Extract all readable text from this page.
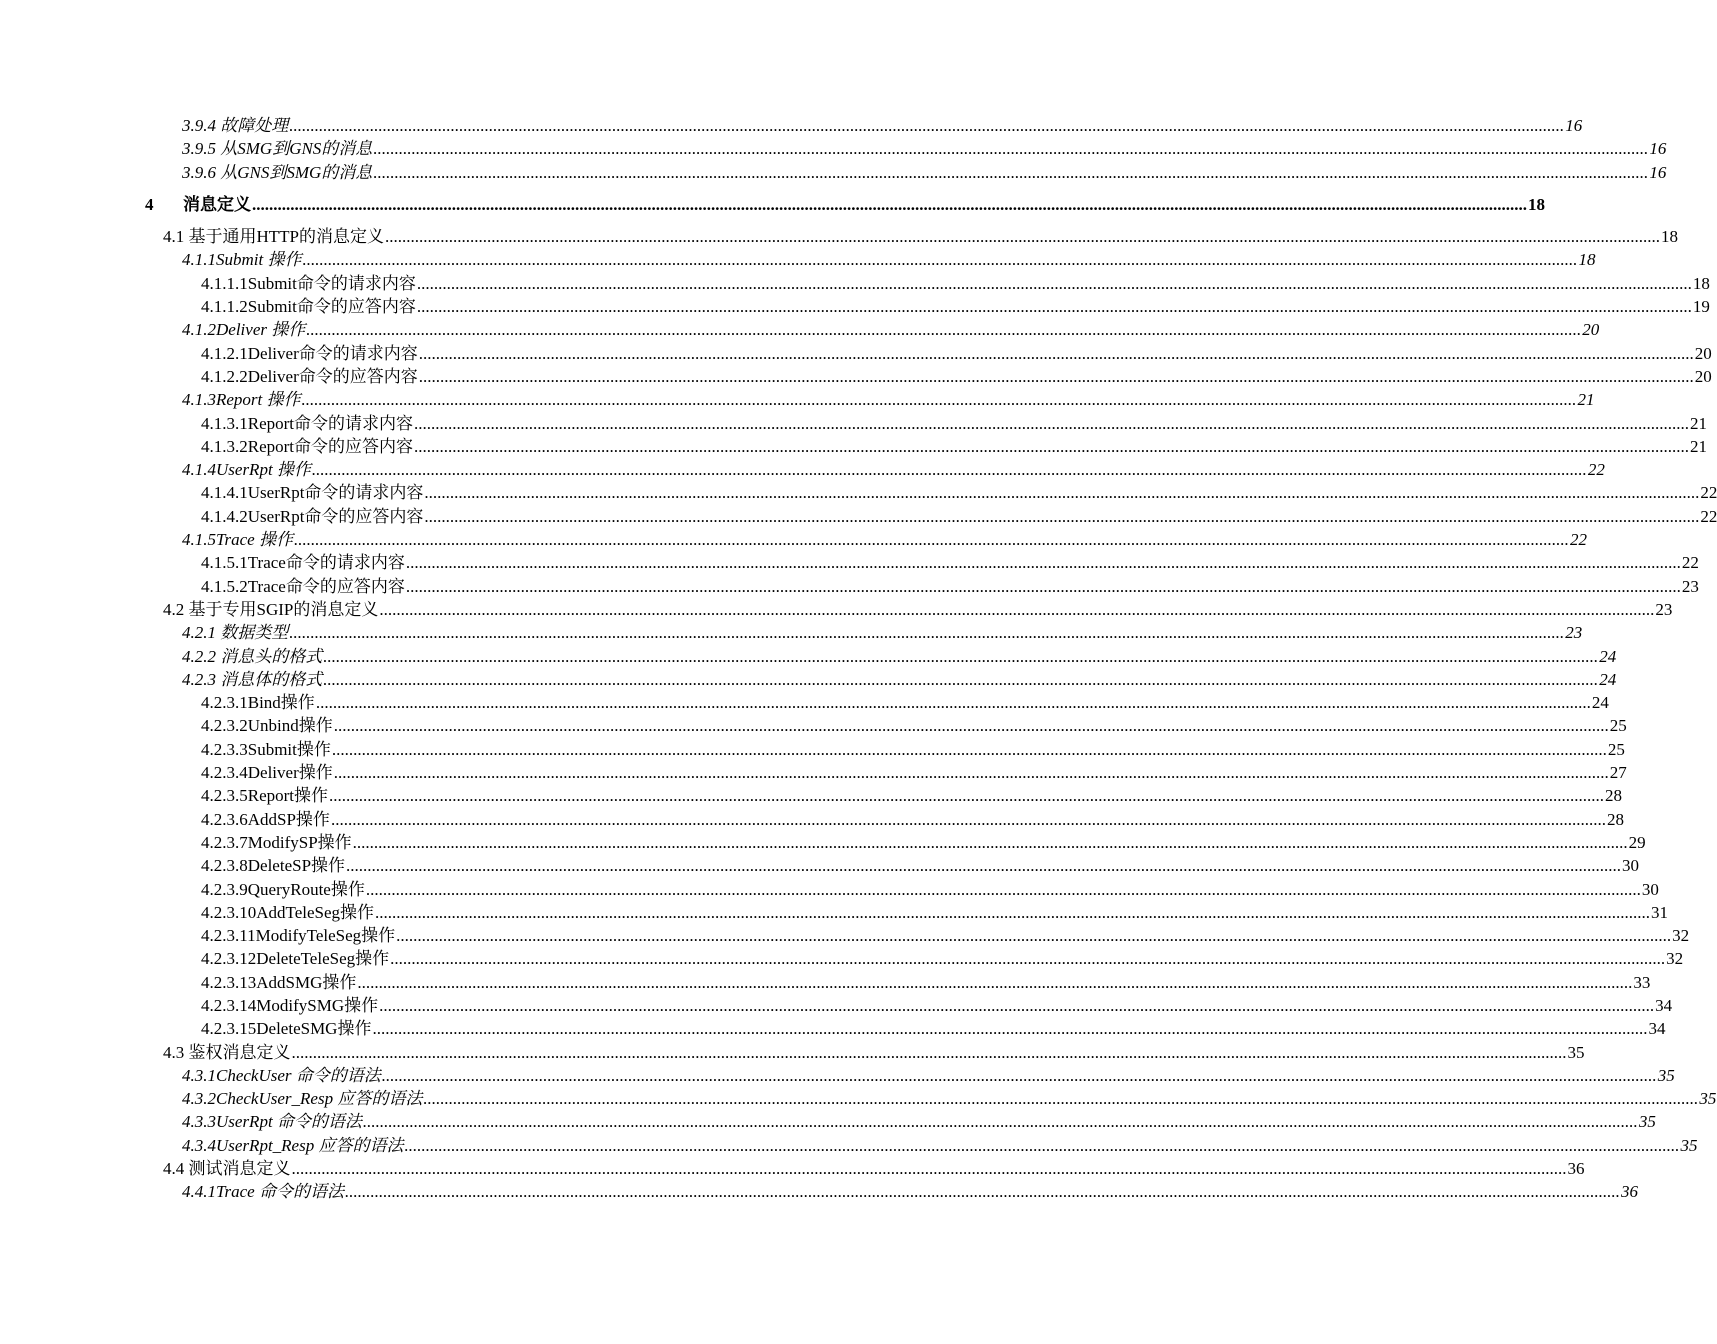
3.9.4 故障处理 ............................................................................................................................................................................................................................................................................................................ 16
3.9.5 从SMG到GNS的消息 ............................................................................................................................................................................................................................................................................................................ 16
3.9.6 从GNS到SMG的消息 ............................................................................................................................................................................................................................................................................................................ 16
4 消息定义 ............................................................................................................................................................................................................................................................................................................ 18
4.1 基于通用HTTP的消息定义 ............................................................................................................................................................................................................................................................................................................ 18
4.1.1Submit 操作 ............................................................................................................................................................................................................................................................................................................ 18
4.1.1.1Submit命令的请求内容 ............................................................................................................................................................................................................................................................................................................ 18
4.1.1.2Submit命令的应答内容 ............................................................................................................................................................................................................................................................................................................ 19
4.1.2Deliver 操作 ............................................................................................................................................................................................................................................................................................................ 20
4.1.2.1Deliver命令的请求内容 ............................................................................................................................................................................................................................................................................................................ 20
4.1.2.2Deliver命令的应答内容 ............................................................................................................................................................................................................................................................................................................ 20
4.1.3Report 操作 ............................................................................................................................................................................................................................................................................................................ 21
4.1.3.1Report命令的请求内容 ............................................................................................................................................................................................................................................................................................................ 21
4.1.3.2Report命令的应答内容 ............................................................................................................................................................................................................................................................................................................ 21
4.1.4UserRpt 操作 ............................................................................................................................................................................................................................................................................................................ 22
4.1.4.1UserRpt命令的请求内容 ............................................................................................................................................................................................................................................................................................................ 22
4.1.4.2UserRpt命令的应答内容 ............................................................................................................................................................................................................................................................................................................ 22
4.1.5Trace 操作 ............................................................................................................................................................................................................................................................................................................ 22
4.1.5.1Trace命令的请求内容 ............................................................................................................................................................................................................................................................................................................ 22
4.1.5.2Trace命令的应答内容 ............................................................................................................................................................................................................................................................................................................ 23
4.2 基于专用SGIP的消息定义 ............................................................................................................................................................................................................................................................................................................ 23
4.2.1 数据类型 ............................................................................................................................................................................................................................................................................................................ 23
4.2.2 消息头的格式 ............................................................................................................................................................................................................................................................................................................ 24
4.2.3 消息体的格式 ............................................................................................................................................................................................................................................................................................................ 24
4.2.3.1Bind操作 ............................................................................................................................................................................................................................................................................................................ 24
4.2.3.2Unbind操作 ............................................................................................................................................................................................................................................................................................................ 25
4.2.3.3Submit操作 ............................................................................................................................................................................................................................................................................................................ 25
4.2.3.4Deliver操作 ............................................................................................................................................................................................................................................................................................................ 27
4.2.3.5Report操作 ............................................................................................................................................................................................................................................................................................................ 28
4.2.3.6AddSP操作 ............................................................................................................................................................................................................................................................................................................ 28
4.2.3.7ModifySP操作 ............................................................................................................................................................................................................................................................................................................ 29
4.2.3.8DeleteSP操作 ............................................................................................................................................................................................................................................................................................................ 30
4.2.3.9QueryRoute操作 ............................................................................................................................................................................................................................................................................................................ 30
4.2.3.10AddTeleSeg操作 ............................................................................................................................................................................................................................................................................................................ 31
4.2.3.11ModifyTeleSeg操作 ............................................................................................................................................................................................................................................................................................................ 32
4.2.3.12DeleteTeleSeg操作 ............................................................................................................................................................................................................................................................................................................ 32
4.2.3.13AddSMG操作 ............................................................................................................................................................................................................................................................................................................ 33
4.2.3.14ModifySMG操作 ............................................................................................................................................................................................................................................................................................................ 34
4.2.3.15DeleteSMG操作 ............................................................................................................................................................................................................................................................................................................ 34
4.3 鉴权消息定义 ............................................................................................................................................................................................................................................................................................................ 35
4.3.1CheckUser 命令的语法 ............................................................................................................................................................................................................................................................................................................ 35
4.3.2CheckUser_Resp 应答的语法 ............................................................................................................................................................................................................................................................................................................ 35
4.3.3UserRpt 命令的语法 ............................................................................................................................................................................................................................................................................................................ 35
4.3.4UserRpt_Resp 应答的语法 ............................................................................................................................................................................................................................................................................................................ 35
4.4 测试消息定义 ............................................................................................................................................................................................................................................................................................................ 36
4.4.1Trace 命令的语法 ............................................................................................................................................................................................................................................................................................................ 36
